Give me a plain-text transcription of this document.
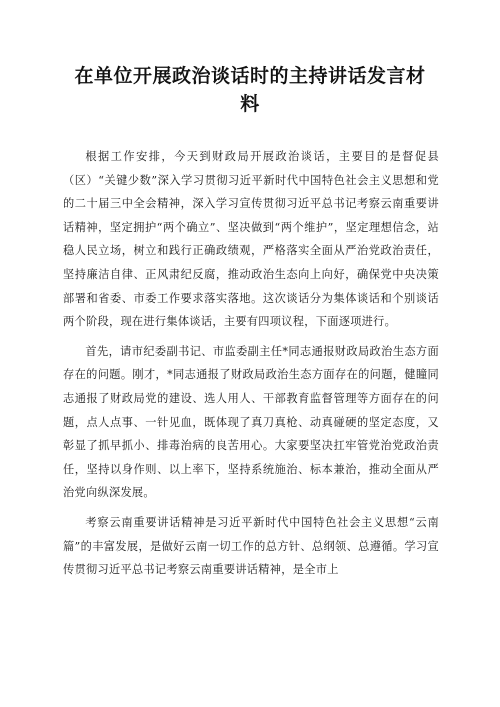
在单位开展政治谈话时的主持讲话发言材料

根据工作安排，今天到财政局开展政治谈话，主要目的是督促县（区）“关键少数”深入学习贯彻习近平新时代中国特色社会主义思想和党的二十届三中全会精神，深入学习宣传贯彻习近平总书记考察云南重要讲话精神，坚定拥护“两个确立”、坚决做到“两个维护”，坚定理想信念，站稳人民立场，树立和践行正确政绩观，严格落实全面从严治党政治责任，坚持廉洁自律、正风肃纪反腐，推动政治生态向上向好，确保党中央决策部署和省委、市委工作要求落实落地。这次谈话分为集体谈话和个别谈话两个阶段，现在进行集体谈话，主要有四项议程，下面逐项进行。

首先，请市纪委副书记、市监委副主任*同志通报财政局政治生态方面存在的问题。刚才，*同志通报了财政局政治生态方面存在的问题，健瞳同志通报了财政局党的建设、选人用人、干部教育监督管理等方面存在的问题，点人点事、一针见血，既体现了真刀真枪、动真碰硬的坚定态度，又彰显了抓早抓小、排毒治病的良苦用心。大家要坚决扛牢管党治党政治责任，坚持以身作则、以上率下，坚持系统施治、标本兼治，推动全面从严治党向纵深发展。

考察云南重要讲话精神是习近平新时代中国特色社会主义思想“云南篇”的丰富发展，是做好云南一切工作的总方针、总纲领、总遵循。学习宣传贯彻习近平总书记考察云南重要讲话精神，是全市上
